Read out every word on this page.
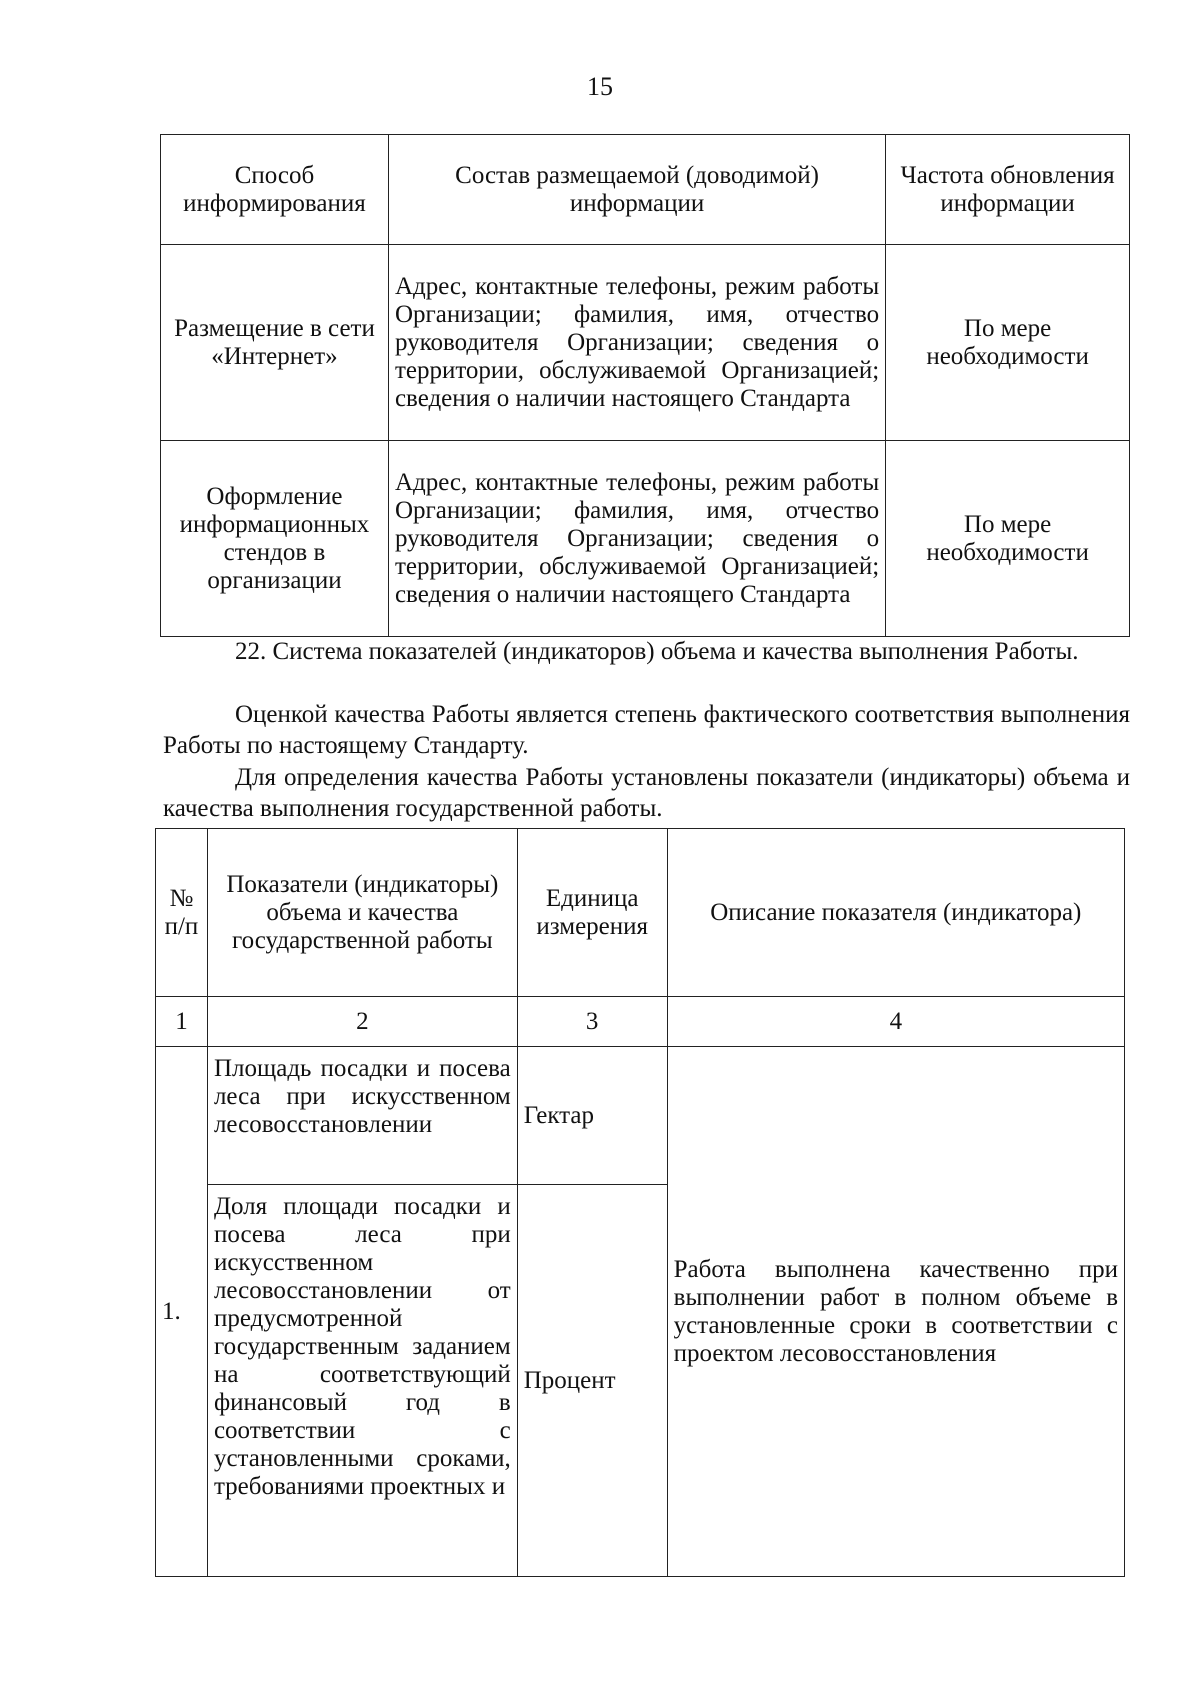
15
Способ информирования	Состав размещаемой (доводимой) информации	Частота обновления информации
Размещение в сети «Интернет»	Адрес, контактные телефоны, режим работы Организации; фамилия, имя, отчество руководителя Организации; сведения о территории, обслуживаемой Организацией; сведения о наличии настоящего Стандарта	По мере необходимости
Оформление информационных стендов в организации	Адрес, контактные телефоны, режим работы Организации; фамилия, имя, отчество руководителя Организации; сведения о территории, обслуживаемой Организацией; сведения о наличии настоящего Стандарта	По мере необходимости

22. Система показателей (индикаторов) объема и качества выполнения Работы.

Оценкой качества Работы является степень фактического соответствия выполнения Работы по настоящему Стандарту.

Для определения качества Работы установлены показатели (индикаторы) объема и качества выполнения государственной работы.

№ п/п	Показатели (индикаторы) объема и качества государственной работы	Единица измерения	Описание показателя (индикатора)
1	2	3	4
1.	Площадь посадки и посева леса при искусственном лесовосстановлении	Гектар	Работа выполнена качественно при выполнении работ в полном объеме в установленные сроки в соответствии с проектом лесовосстановления
	Доля площади посадки и посева леса при искусственном лесовосстановлении от предусмотренной государственным заданием на соответствующий финансовый год в соответствии с установленными сроками, требованиями проектных и	Процент	
